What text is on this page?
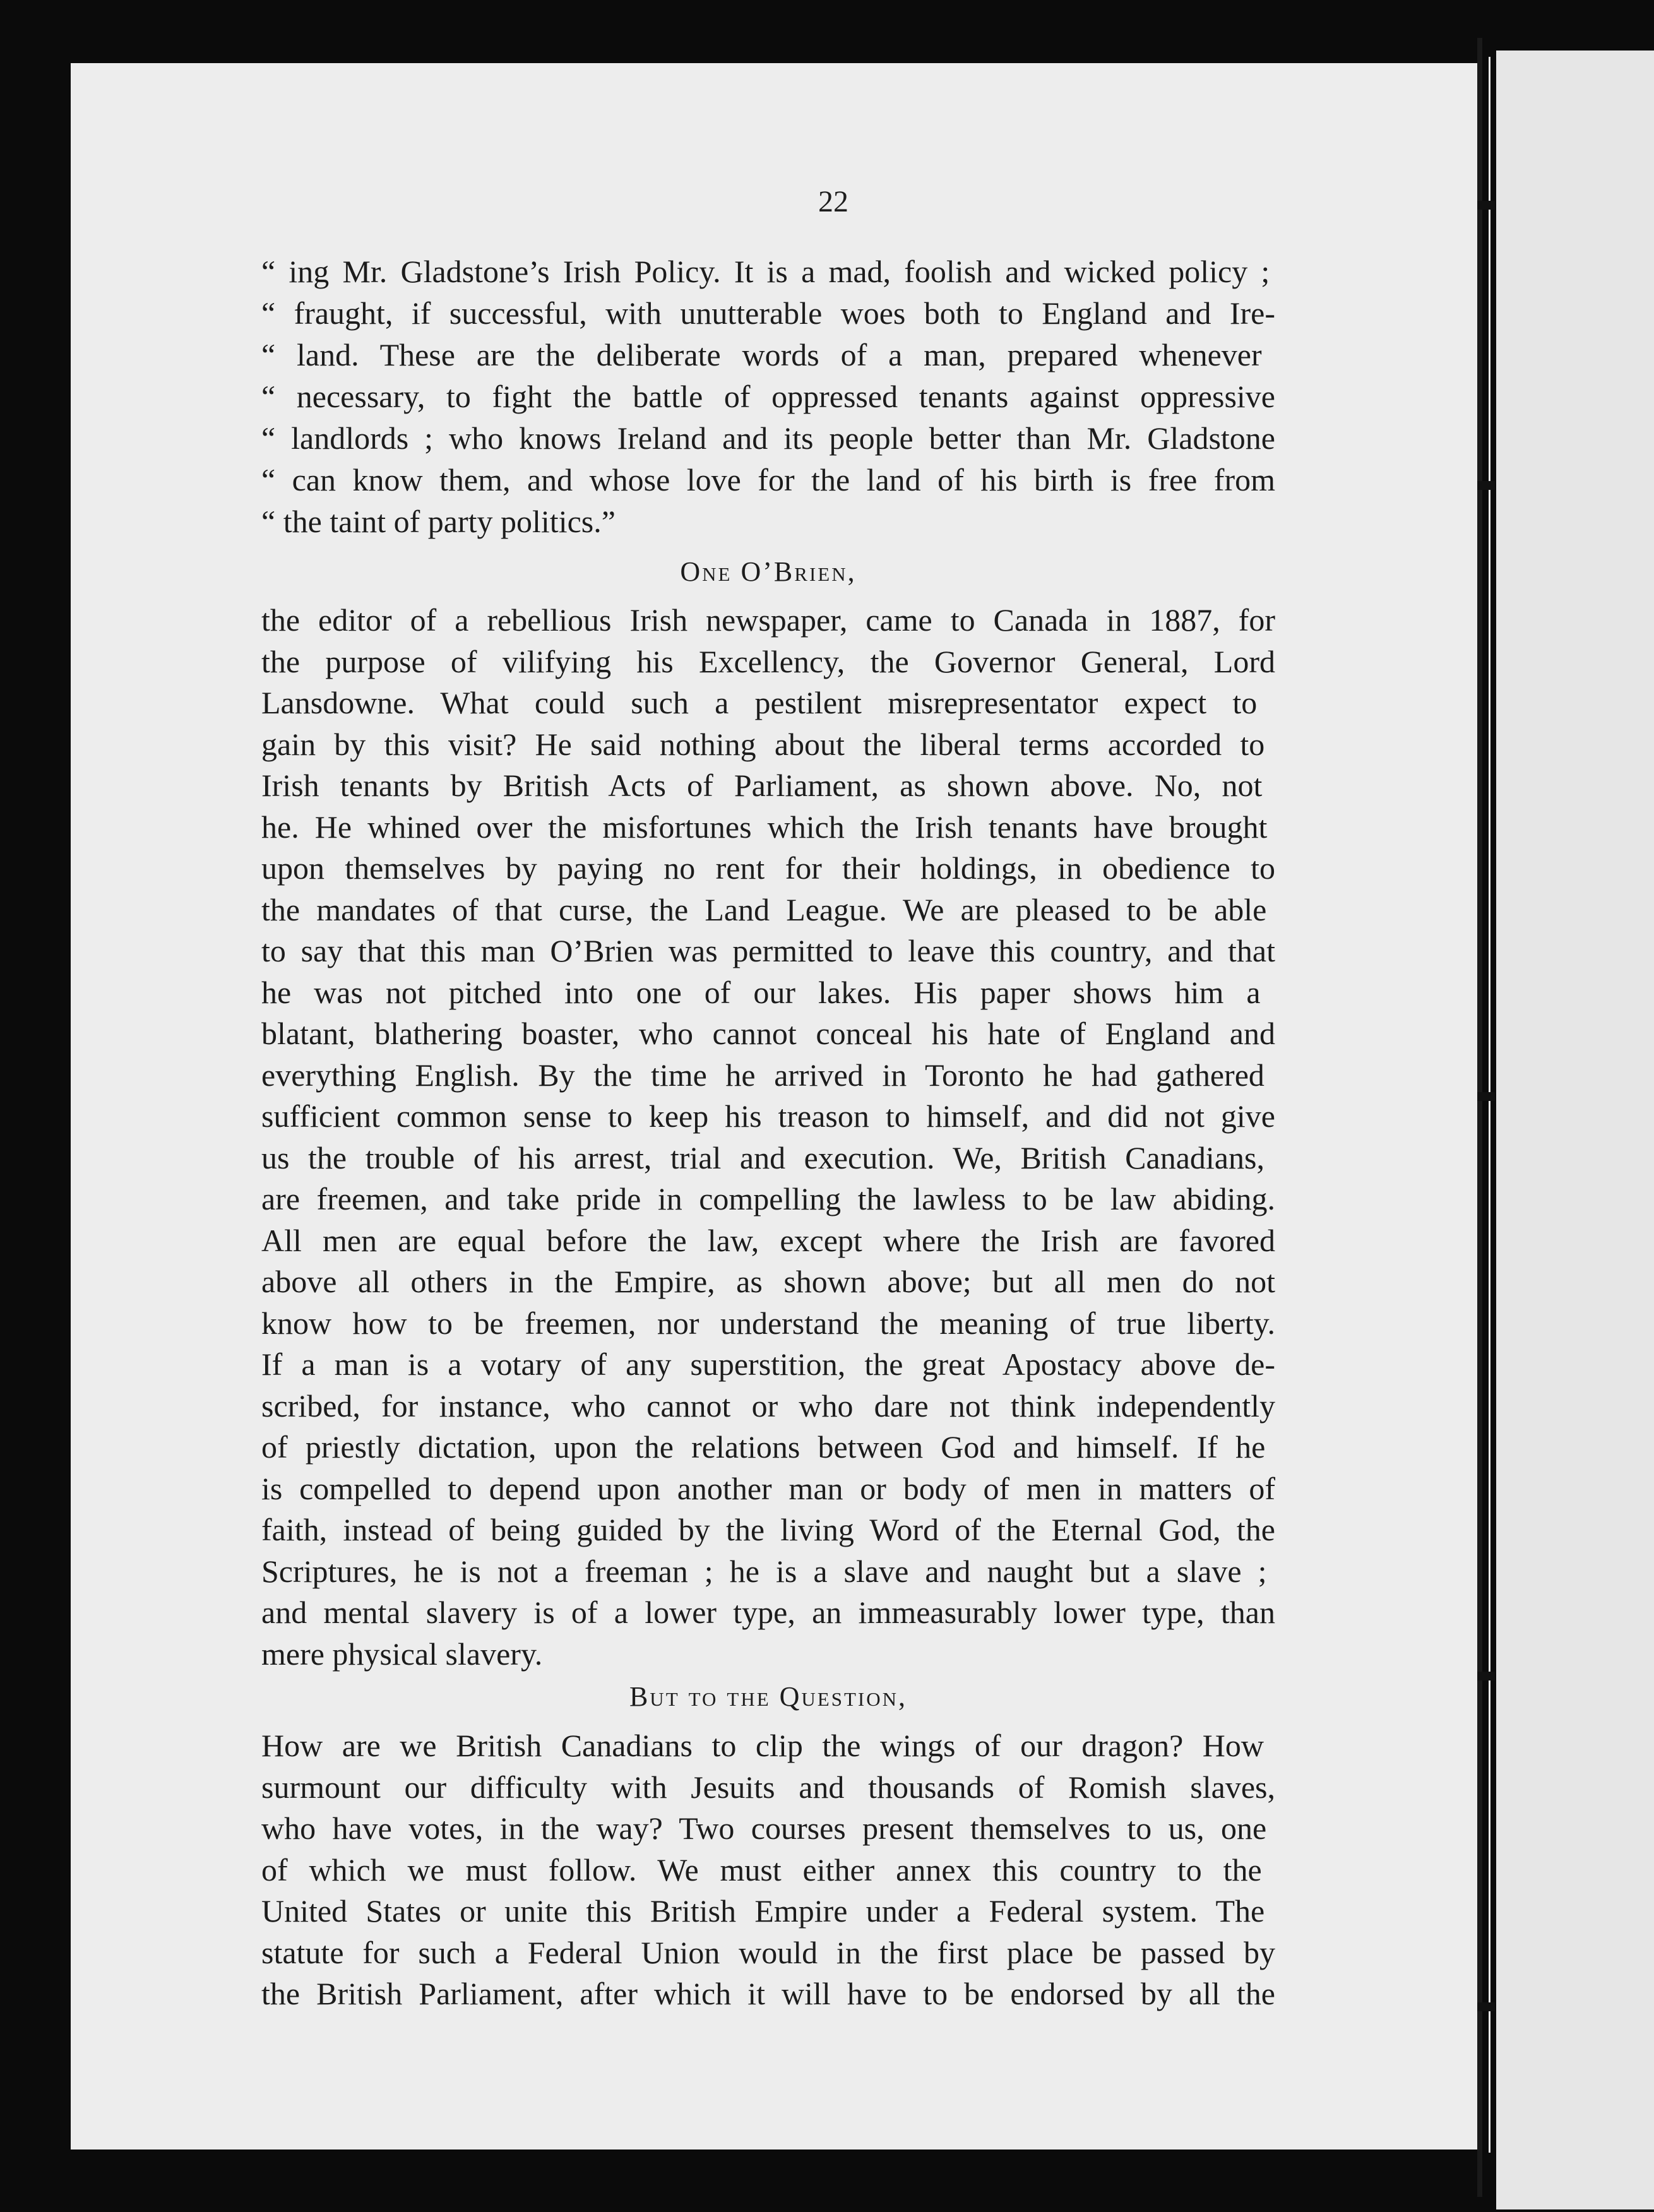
22
“ ing Mr. Gladstone’s Irish Policy. It is a mad, foolish and wicked policy ;
“ fraught, if successful, with unutterable woes both to England and Ire-
“ land. These are the deliberate words of a man, prepared whenever
“ necessary, to fight the battle of oppressed tenants against oppressive
“ landlords ; who knows Ireland and its people better than Mr. Gladstone
“ can know them, and whose love for the land of his birth is free from
“ the taint of party politics.”
One O’Brien,
the editor of a rebellious Irish newspaper, came to Canada in 1887, for
the purpose of vilifying his Excellency, the Governor General, Lord
Lansdowne. What could such a pestilent misrepresentator expect to
gain by this visit? He said nothing about the liberal terms accorded to
Irish tenants by British Acts of Parliament, as shown above. No, not
he. He whined over the misfortunes which the Irish tenants have brought
upon themselves by paying no rent for their holdings, in obedience to
the mandates of that curse, the Land League. We are pleased to be able
to say that this man O’Brien was permitted to leave this country, and that
he was not pitched into one of our lakes. His paper shows him a
blatant, blathering boaster, who cannot conceal his hate of England and
everything English. By the time he arrived in Toronto he had gathered
sufficient common sense to keep his treason to himself, and did not give
us the trouble of his arrest, trial and execution. We, British Canadians,
are freemen, and take pride in compelling the lawless to be law abiding.
All men are equal before the law, except where the Irish are favored
above all others in the Empire, as shown above; but all men do not
know how to be freemen, nor understand the meaning of true liberty.
If a man is a votary of any superstition, the great Apostacy above de-
scribed, for instance, who cannot or who dare not think independently
of priestly dictation, upon the relations between God and himself. If he
is compelled to depend upon another man or body of men in matters of
faith, instead of being guided by the living Word of the Eternal God, the
Scriptures, he is not a freeman ; he is a slave and naught but a slave ;
and mental slavery is of a lower type, an immeasurably lower type, than
mere physical slavery.
But to the Question,
How are we British Canadians to clip the wings of our dragon? How
surmount our difficulty with Jesuits and thousands of Romish slaves,
who have votes, in the way? Two courses present themselves to us, one
of which we must follow. We must either annex this country to the
United States or unite this British Empire under a Federal system. The
statute for such a Federal Union would in the first place be passed by
the British Parliament, after which it will have to be endorsed by all the
